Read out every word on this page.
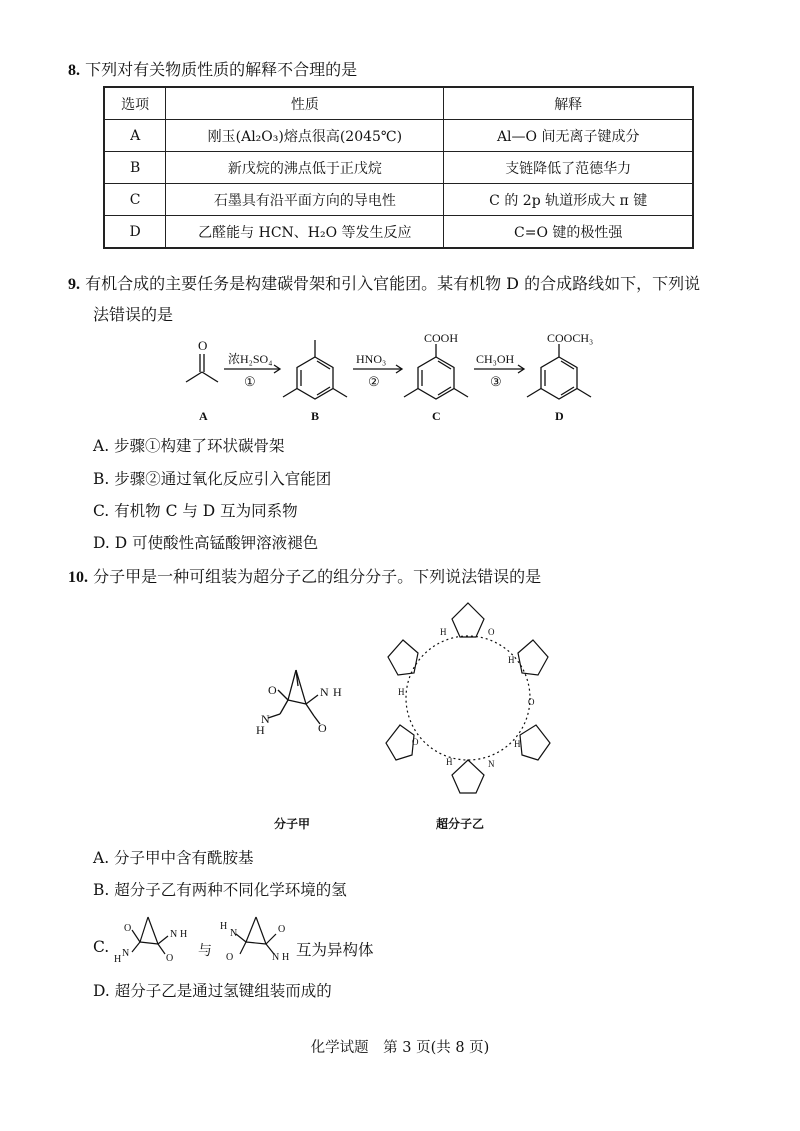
8. 下列对有关物质性质的解释不合理的是
选项	性质	解释
A	刚玉(Al₂O₃)熔点很高(2045℃)	Al—O 间无离子键成分
B	新戊烷的沸点低于正戊烷	支链降低了范德华力
C	石墨具有沿平面方向的导电性	C 的 2p 轨道形成大 π 键
D	乙醛能与 HCN、H₂O 等发生反应	C=O 键的极性强
9. 有机合成的主要任务是构建碳骨架和引入官能团。某有机物 D 的合成路线如下，下列说
法错误的是
O
浓H₂SO₄
①
HNO₃
②
COOH
CH₃OH
③
COOCH₃
A	B	C	D
A. 步骤①构建了环状碳骨架
B. 步骤②通过氧化反应引入官能团
C. 有机物 C 与 D 互为同系物
D. D 可使酸性高锰酸钾溶液褪色
10. 分子甲是一种可组装为超分子乙的组分分子。下列说法错误的是
O	N H
N
H	O
H	O
H
H
O
H
H	N
O
分子甲	超分子乙
A. 分子甲中含有酰胺基
B. 超分子乙有两种不同化学环境的氢
C.
O
N H
N
H	O 与
H
N	O
O	N H 互为异构体
D. 超分子乙是通过氢键组装而成的
化学试题　第 3 页(共 8 页)
